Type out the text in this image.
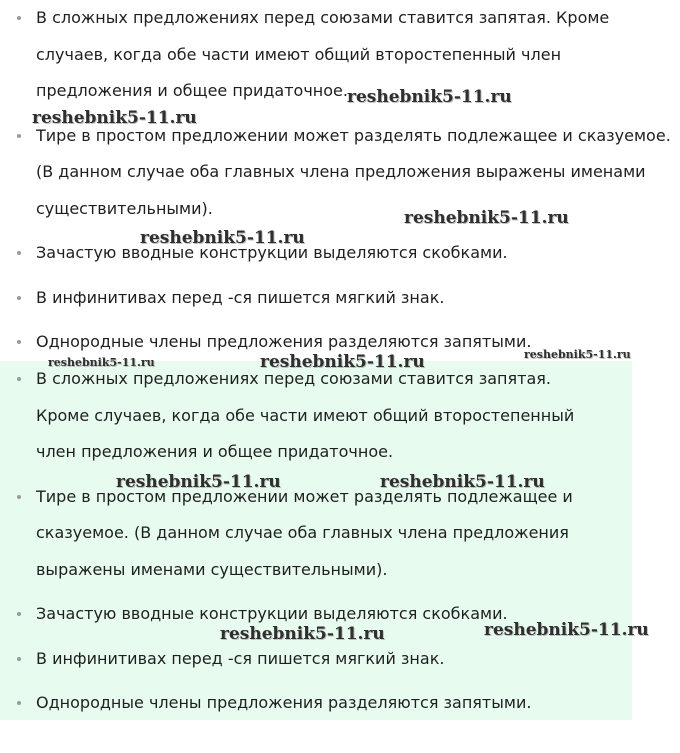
В сложных предложениях перед союзами ставится запятая. Кроме случаев, когда обе части имеют общий второстепенный член предложения и общее придаточное.
Тире в простом предложении может разделять подлежащее и сказуемое. (В данном случае оба главных члена предложения выражены именами существительными).
Зачастую вводные конструкции выделяются скобками.
В инфинитивах перед -ся пишется мягкий знак.
Однородные члены предложения разделяются запятыми.
В сложных предложениях перед союзами ставится запятая. Кроме случаев, когда обе части имеют общий второстепенный член предложения и общее придаточное.
Тире в простом предложении может разделять подлежащее и сказуемое. (В данном случае оба главных члена предложения выражены именами существительными).
Зачастую вводные конструкции выделяются скобками.
В инфинитивах перед -ся пишется мягкий знак.
Однородные члены предложения разделяются запятыми.
reshebnik5-11.ru
reshebnik5-11.ru
reshebnik5-11.ru
reshebnik5-11.ru
reshebnik5-11.ru	reshebnik5-11.ru	reshebnik5-11.ru
reshebnik5-11.ru	reshebnik5-11.ru
reshebnik5-11.ru	reshebnik5-11.ru
